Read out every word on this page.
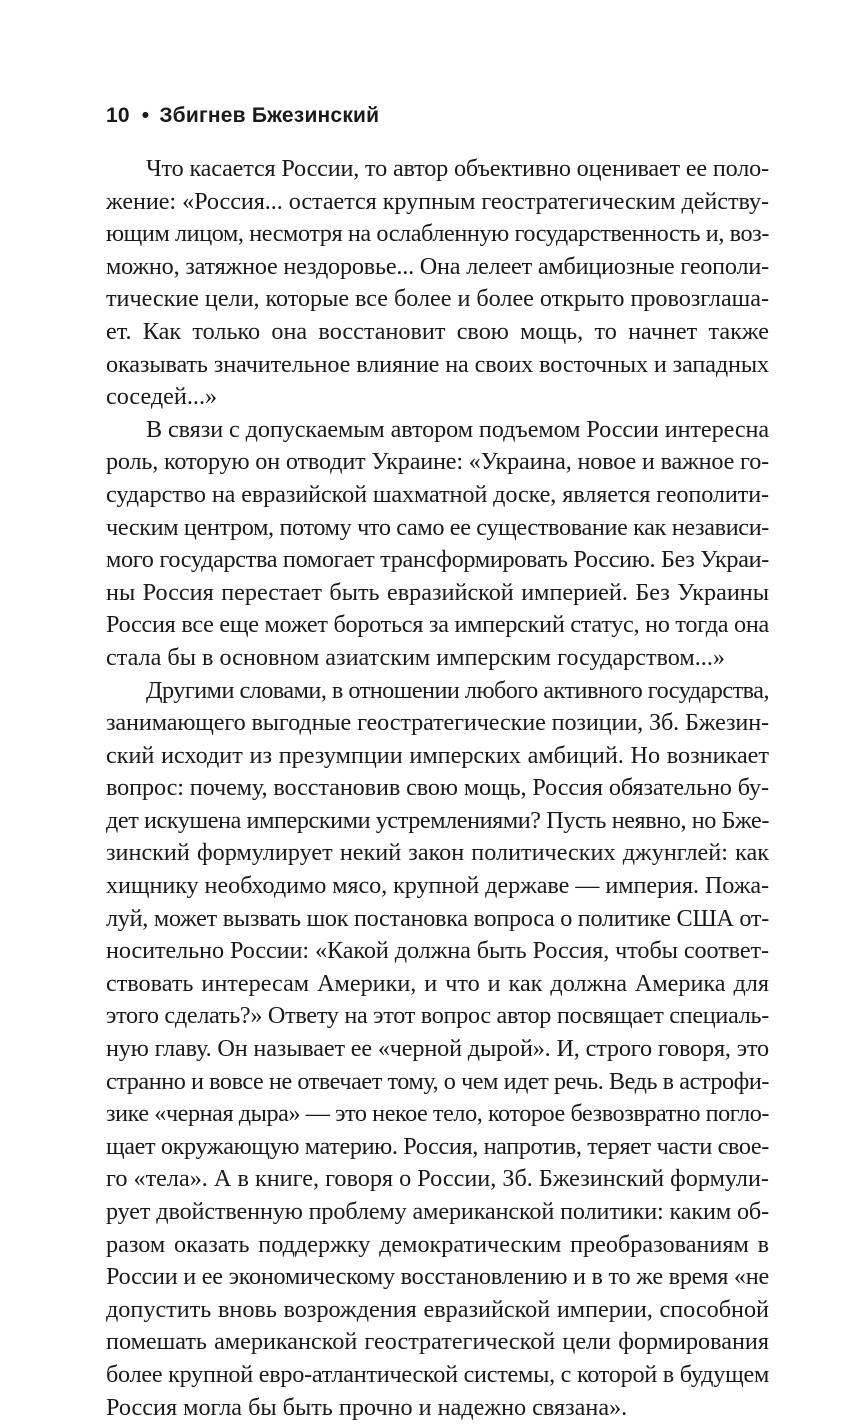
10 • Збигнев Бжезинский
Что касается России, то автор объективно оценивает ее поло-
жение: «Россия... остается крупным геостратегическим действу-
ющим лицом, несмотря на ослабленную государственность и, воз-
можно, затяжное нездоровье... Она лелеет амбициозные геополи-
тические цели, которые все более и более открыто провозглаша-
ет. Как только она восстановит свою мощь, то начнет также
оказывать значительное влияние на своих восточных и западных
соседей...»
В связи с допускаемым автором подъемом России интересна
роль, которую он отводит Украине: «Украина, новое и важное го-
сударство на евразийской шахматной доске, является геополити-
ческим центром, потому что само ее существование как независи-
мого государства помогает трансформировать Россию. Без Украи-
ны Россия перестает быть евразийской империей. Без Украины
Россия все еще может бороться за имперский статус, но тогда она
стала бы в основном азиатским имперским государством...»
Другими словами, в отношении любого активного государства,
занимающего выгодные геостратегические позиции, Зб. Бжезин-
ский исходит из презумпции имперских амбиций. Но возникает
вопрос: почему, восстановив свою мощь, Россия обязательно бу-
дет искушена имперскими устремлениями? Пусть неявно, но Бже-
зинский формулирует некий закон политических джунглей: как
хищнику необходимо мясо, крупной державе — империя. Пожа-
луй, может вызвать шок постановка вопроса о политике США от-
носительно России: «Какой должна быть Россия, чтобы соответ-
ствовать интересам Америки, и что и как должна Америка для
этого сделать?» Ответу на этот вопрос автор посвящает специаль-
ную главу. Он называет ее «черной дырой». И, строго говоря, это
странно и вовсе не отвечает тому, о чем идет речь. Ведь в астрофи-
зике «черная дыра» — это некое тело, которое безвозвратно погло-
щает окружающую материю. Россия, напротив, теряет части свое-
го «тела». А в книге, говоря о России, Зб. Бжезинский формули-
рует двойственную проблему американской политики: каким об-
разом оказать поддержку демократическим преобразованиям в
России и ее экономическому восстановлению и в то же время «не
допустить вновь возрождения евразийской империи, способной
помешать американской геостратегической цели формирования
более крупной евро-атлантической системы, с которой в будущем
Россия могла бы быть прочно и надежно связана».
